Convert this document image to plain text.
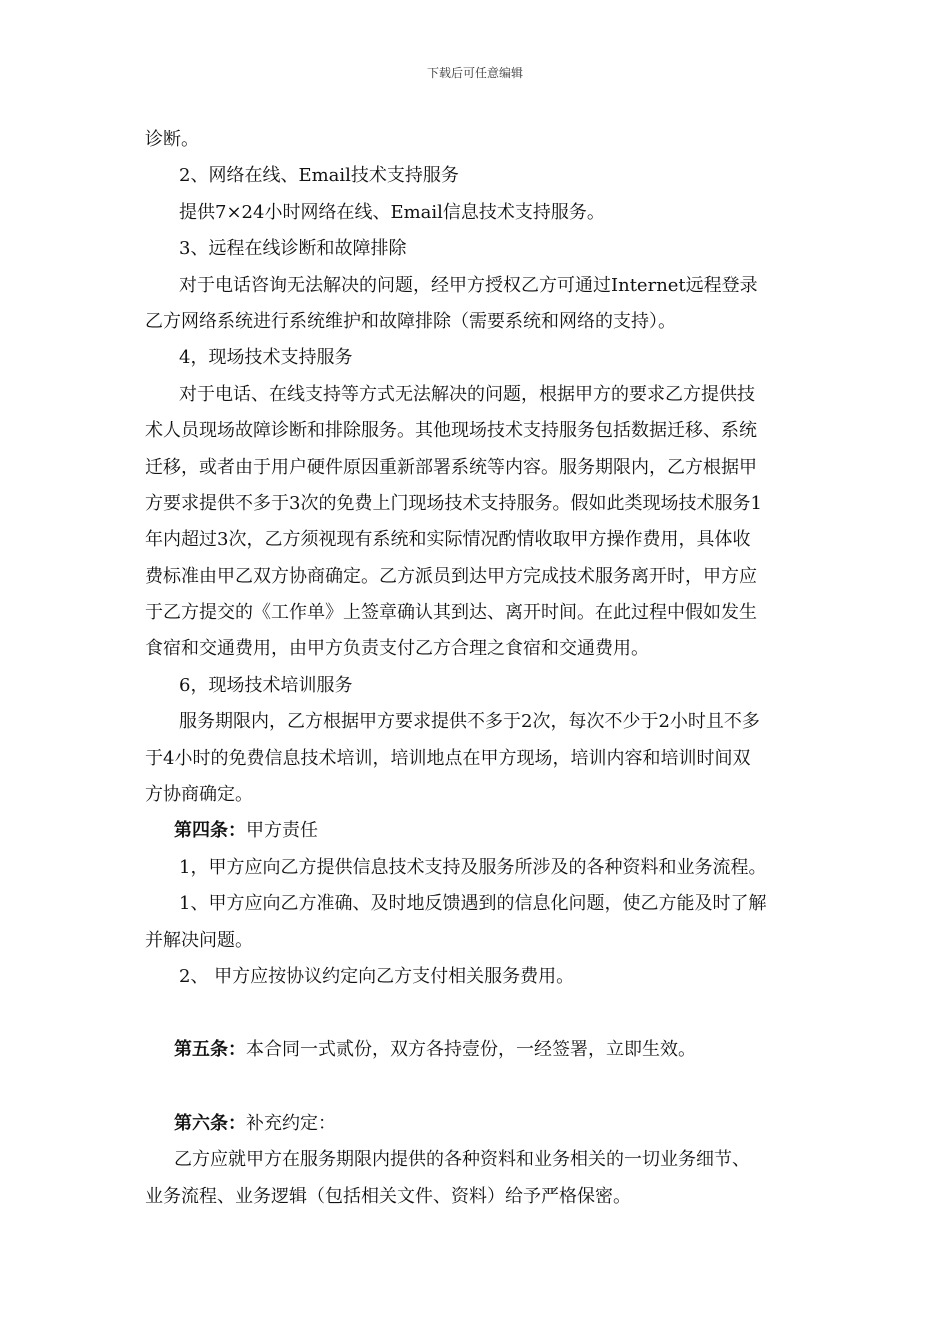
下载后可任意编辑
诊断。
2、网络在线、Email技术支持服务
提供7×24小时网络在线、Email信息技术支持服务。
3、远程在线诊断和故障排除
对于电话咨询无法解决的问题，经甲方授权乙方可通过Internet远程登录
乙方网络系统进行系统维护和故障排除（需要系统和网络的支持）。
4，现场技术支持服务
对于电话、在线支持等方式无法解决的问题，根据甲方的要求乙方提供技
术人员现场故障诊断和排除服务。其他现场技术支持服务包括数据迁移、系统
迁移，或者由于用户硬件原因重新部署系统等内容。服务期限内，乙方根据甲
方要求提供不多于3次的免费上门现场技术支持服务。假如此类现场技术服务1
年内超过3次，乙方须视现有系统和实际情况酌情收取甲方操作费用，具体收
费标准由甲乙双方协商确定。乙方派员到达甲方完成技术服务离开时，甲方应
于乙方提交的《工作单》上签章确认其到达、离开时间。在此过程中假如发生
食宿和交通费用，由甲方负责支付乙方合理之食宿和交通费用。
6，现场技术培训服务
服务期限内，乙方根据甲方要求提供不多于2次，每次不少于2小时且不多
于4小时的免费信息技术培训，培训地点在甲方现场，培训内容和培训时间双
方协商确定。
第四条：甲方责任
1，甲方应向乙方提供信息技术支持及服务所涉及的各种资料和业务流程。
1、甲方应向乙方准确、及时地反馈遇到的信息化问题，使乙方能及时了解
并解决问题。
2、 甲方应按协议约定向乙方支付相关服务费用。
第五条：本合同一式贰份，双方各持壹份，一经签署，立即生效。
第六条：补充约定：
乙方应就甲方在服务期限内提供的各种资料和业务相关的一切业务细节、
业务流程、业务逻辑（包括相关文件、资料）给予严格保密。
